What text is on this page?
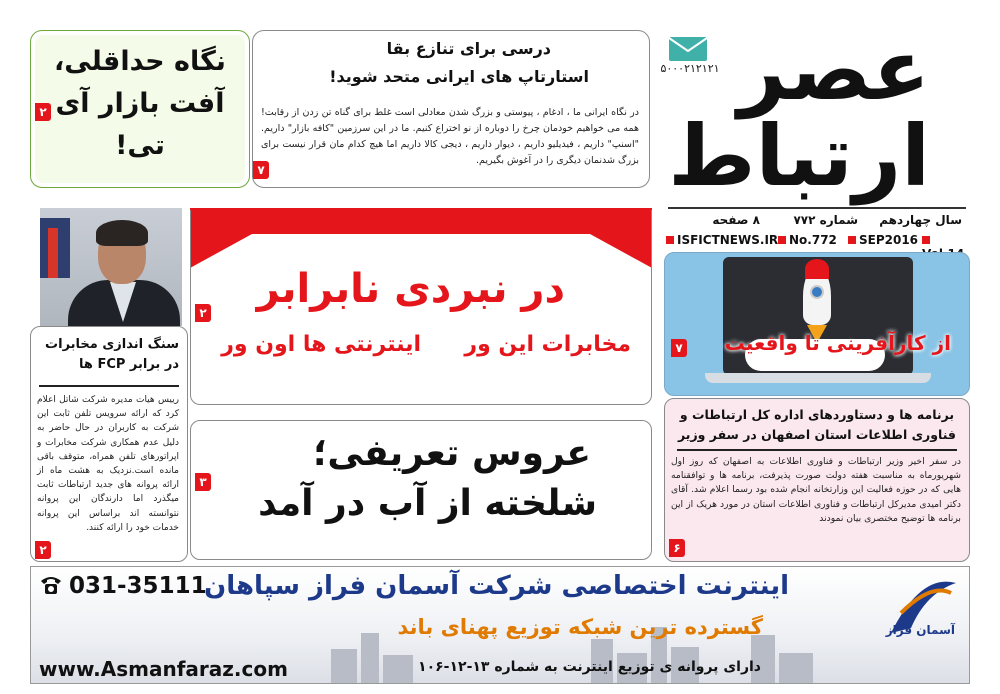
عصر
ارتباط
۵۰۰۰۲۱۲۱۲۱
سال چهاردهم
شماره ۷۷۲
۸ صفحه
ISFICTNEWS.IR No.772	SEP2016
درسی برای تنازع بقا
استارتاپ های ایرانی متحد شوید!
در نگاه ایرانی ما ، ادغام ، پیوستی و بزرگ شدن معادلی است غلط برای گناه تن زدن از رقابت! همه می خواهیم خودمان چرخ را دوباره از نو اختراع کنیم. ما در این سرزمین "کافه بازار" داریم. "اسنپ" داریم ، فیدیلیو داریم ، دیوار داریم ، دیجی کالا داریم اما هیچ کدام مان قرار نیست برای بزرگ شدنمان دیگری را در آغوش بگیریم.
۷
نگاه حداقلی، آفت بازار آی تی!
۲
سنگ اندازی مخابرات در برابر FCP ها
رییس هیات مدیره شرکت شاتل اعلام کرد که ارائه سرویس تلفن ثابت این شرکت به کاربران در حال حاضر به دلیل عدم همکاری شرکت مخابرات و اپراتورهای تلفن همراه، متوقف باقی مانده است.نزدیک به هشت ماه از ارائه پروانه های جدید ارتباطات ثابت میگذرد اما دارندگان این پروانه نتوانسته اند براساس این پروانه خدمات خود را ارائه کنند.
۲
در نبردی نابرابر
مخابرات این ور
اینترنتی ها اون ور
۲
عروس تعریفی؛
شلخته از آب در آمد
۳
از کارآفرینی تا واقعیت
۷
برنامه ها و دستاوردهای اداره کل ارتباطات و فناوری اطلاعات استان اصفهان در سفر وزیر
در سفر اخیر وزیر ارتباطات و فناوری اطلاعات به اصفهان که روز اول شهریورماه به مناسبت هفته دولت صورت پذیرفت، برنامه ها و توافقنامه هایی که در حوزه فعالیت این وزارتخانه انجام شده بود رسما اعلام شد. آقای دکتر امیدی مدیرکل ارتباطات و فناوری اطلاعات استان در مورد هریک از این برنامه ها توضیح مختصری بیان نمودند
۶
031-35111
اینترنت اختصاصی شرکت آسمان فراز سپاهان
گسترده ترین شبکه توزیع پهنای باند
www.Asmanfaraz.com	دارای پروانه ی توزیع اینترنت به شماره ۱۳-۱۲-۱۰۶
آسمان فراز
